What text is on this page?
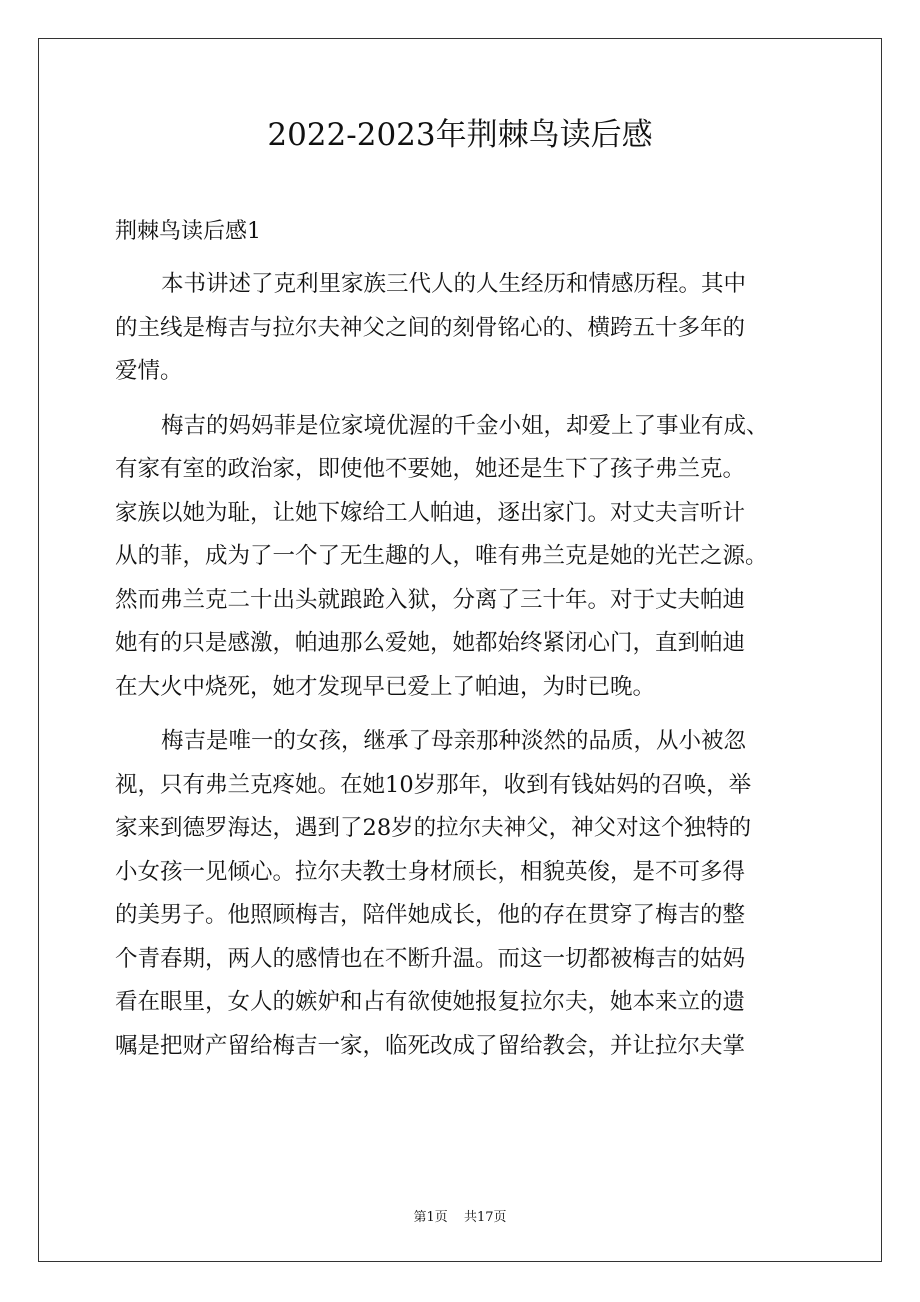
2022-2023年荆棘鸟读后感
荆棘鸟读后感1
本书讲述了克利里家族三代人的人生经历和情感历程。其中
的主线是梅吉与拉尔夫神父之间的刻骨铭心的、横跨五十多年的
爱情。
梅吉的妈妈菲是位家境优渥的千金小姐，却爱上了事业有成、
有家有室的政治家，即使他不要她，她还是生下了孩子弗兰克。
家族以她为耻，让她下嫁给工人帕迪，逐出家门。对丈夫言听计
从的菲，成为了一个了无生趣的人，唯有弗兰克是她的光芒之源。
然而弗兰克二十出头就踉跄入狱，分离了三十年。对于丈夫帕迪
她有的只是感激，帕迪那么爱她，她都始终紧闭心门，直到帕迪
在大火中烧死，她才发现早已爱上了帕迪，为时已晚。
梅吉是唯一的女孩，继承了母亲那种淡然的品质，从小被忽
视，只有弗兰克疼她。在她10岁那年，收到有钱姑妈的召唤，举
家来到德罗海达，遇到了28岁的拉尔夫神父，神父对这个独特的
小女孩一见倾心。拉尔夫教士身材颀长，相貌英俊，是不可多得
的美男子。他照顾梅吉，陪伴她成长，他的存在贯穿了梅吉的整
个青春期，两人的感情也在不断升温。而这一切都被梅吉的姑妈
看在眼里，女人的嫉妒和占有欲使她报复拉尔夫，她本来立的遗
嘱是把财产留给梅吉一家，临死改成了留给教会，并让拉尔夫掌
第1页 共17页
